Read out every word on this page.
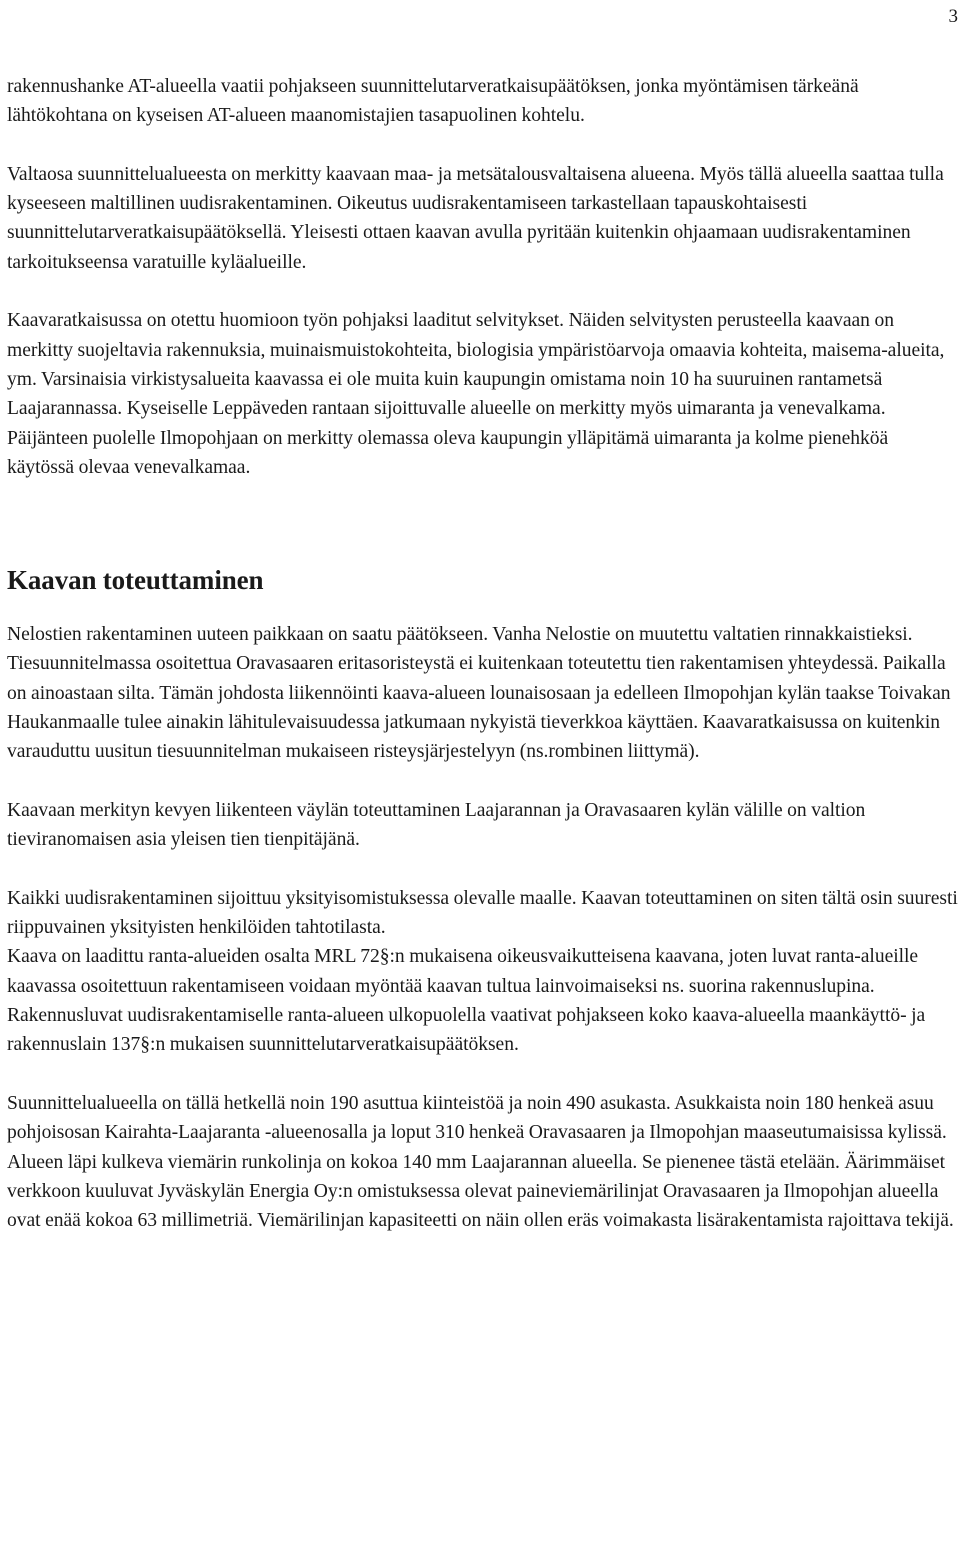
3

rakennushanke AT-alueella vaatii pohjakseen suunnittelutarveratkaisupäätöksen, jonka myöntämisen tärkeänä lähtökohtana on kyseisen AT-alueen maanomistajien tasapuolinen kohtelu.

Valtaosa suunnittelualueesta on merkitty kaavaan maa- ja metsätalousvaltaisena alueena. Myös tällä alueella saattaa tulla kyseeseen maltillinen uudisrakentaminen. Oikeutus uudisrakentamiseen tarkastellaan tapauskohtaisesti suunnittelutarveratkaisupäätöksellä. Yleisesti ottaen kaavan avulla pyritään kuitenkin ohjaamaan uudisrakentaminen tarkoitukseensa varatuille kyläalueille.

Kaavaratkaisussa on otettu huomioon työn pohjaksi laaditut selvitykset. Näiden selvitysten perusteella kaavaan on merkitty suojeltavia rakennuksia, muinaismuistokohteita, biologisia ympäristöarvoja omaavia kohteita, maisema-alueita, ym. Varsinaisia virkistysalueita kaavassa ei ole muita kuin kaupungin omistama noin 10 ha suuruinen rantametsä Laajarannassa. Kyseiselle Leppäveden rantaan sijoittuvalle alueelle on merkitty myös uimaranta ja venevalkama. Päijänteen puolelle Ilmopohjaan on merkitty olemassa oleva kaupungin ylläpitämä uimaranta ja kolme pienehköä käytössä olevaa venevalkamaa.

Kaavan toteuttaminen

Nelostien rakentaminen uuteen paikkaan on saatu päätökseen. Vanha Nelostie on muutettu valtatien rinnakkaistieksi. Tiesuunnitelmassa osoitettua Oravasaaren eritasoristeystä ei kuitenkaan toteutettu tien rakentamisen yhteydessä. Paikalla on ainoastaan silta. Tämän johdosta liikennöinti kaava-alueen lounaisosaan ja edelleen Ilmopohjan kylän taakse Toivakan Haukanmaalle tulee ainakin lähitulevaisuudessa jatkumaan nykyistä tieverkkoa käyttäen. Kaavaratkaisussa on kuitenkin varauduttu uusitun tiesuunnitelman mukaiseen risteysjärjestelyyn (ns.rombinen liittymä).

Kaavaan merkityn kevyen liikenteen väylän toteuttaminen Laajarannan ja Oravasaaren kylän välille on valtion tieviranomaisen asia yleisen tien tienpitäjänä.

Kaikki uudisrakentaminen sijoittuu yksityisomistuksessa olevalle maalle. Kaavan toteuttaminen on siten tältä osin suuresti riippuvainen yksityisten henkilöiden tahtotilasta.

Kaava on laadittu ranta-alueiden osalta MRL 72§:n mukaisena oikeusvaikutteisena kaavana, joten luvat ranta-alueille kaavassa osoitettuun rakentamiseen voidaan myöntää kaavan tultua lainvoimaiseksi ns. suorina rakennuslupina.

Rakennusluvat uudisrakentamiselle ranta-alueen ulkopuolella vaativat pohjakseen koko kaava-alueella maankäyttö- ja rakennuslain 137§:n mukaisen suunnittelutarveratkaisupäätöksen.

Suunnittelualueella on tällä hetkellä noin 190 asuttua kiinteistöä ja noin 490 asukasta. Asukkaista noin 180 henkeä asuu pohjoisosan Kairahta-Laajaranta -alueenosalla ja loput 310 henkeä Oravasaaren ja Ilmopohjan maaseutumaisissa kylissä.

Alueen läpi kulkeva viemärin runkolinja on kokoa 140 mm Laajarannan alueella. Se pienenee tästä etelään. Äärimmäiset verkkoon kuuluvat Jyväskylän Energia Oy:n omistuksessa olevat paineviemärilinjat Oravasaaren ja Ilmopohjan alueella ovat enää kokoa 63 millimetriä. Viemärilinjan kapasiteetti on näin ollen eräs voimakasta lisärakentamista rajoittava tekijä.
